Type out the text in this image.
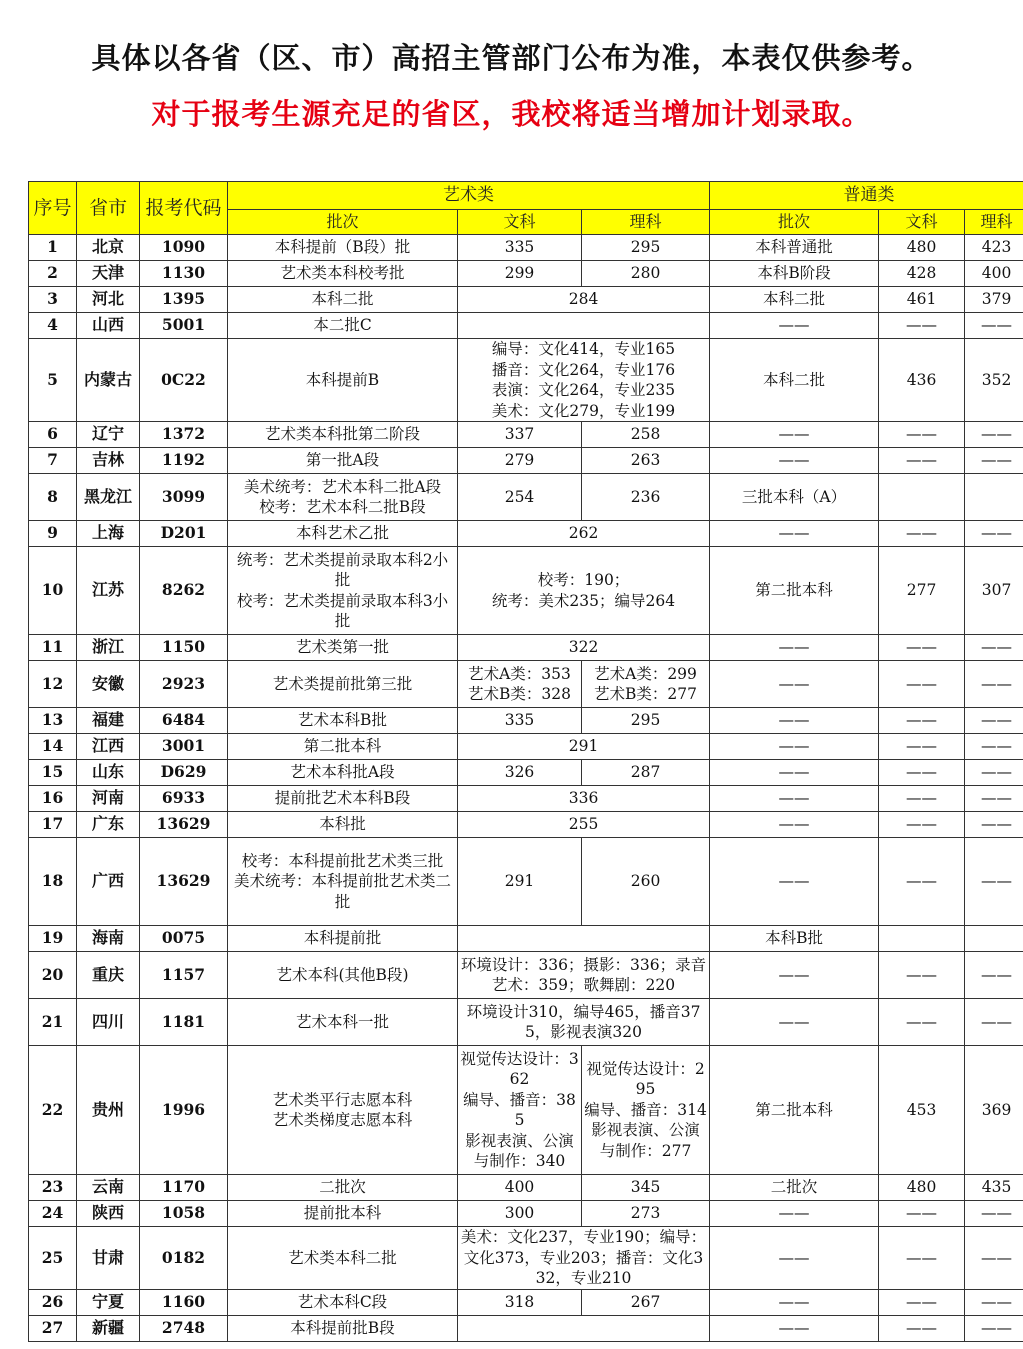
具体以各省（区、市）高招主管部门公布为准，本表仅供参考。
对于报考生源充足的省区，我校将适当增加计划录取。
序号	省市	报考代码	艺术类			普通类		
			批次	文科	理科	批次	文科	理科
1	北京	1090	本科提前（B段）批	335	295	本科普通批	480	423
2	天津	1130	艺术类本科校考批	299	280	本科B阶段	428	400
3	河北	1395	本科二批	284		本科二批	461	379
4	山西	5001	本二批C			——	——	——
5	内蒙古	0C22	本科提前B	编导：文化414，专业165
播音：文化264，专业176
表演：文化264，专业235
美术：文化279，专业199		本科二批	436	352
6	辽宁	1372	艺术类本科批第二阶段	337	258	——	——	——
7	吉林	1192	第一批A段	279	263	——	——	——
8	黑龙江	3099	美术统考：艺术本科二批A段
校考：艺术本科二批B段	254	236	三批本科（A）		
9	上海	D201	本科艺术乙批	262		——	——	——
10	江苏	8262	统考：艺术类提前录取本科2小批
校考：艺术类提前录取本科3小批	校考：190；
统考：美术235；编导264		第二批本科	277	307
11	浙江	1150	艺术类第一批	322		——	——	——
12	安徽	2923	艺术类提前批第三批	艺术A类：353
艺术B类：328	艺术A类：299
艺术B类：277	——	——	——
13	福建	6484	艺术本科B批	335	295	——	——	——
14	江西	3001	第二批本科	291		——	——	——
15	山东	D629	艺术本科批A段	326	287	——	——	——
16	河南	6933	提前批艺术本科B段	336		——	——	——
17	广东	13629	本科批	255		——	——	——
18	广西	13629	校考：本科提前批艺术类三批
美术统考：本科提前批艺术类二批	291	260	——	——	——
19	海南	0075	本科提前批			本科B批		
20	重庆	1157	艺术本科(其他B段)	环境设计：336；摄影：336；录音艺术：359；歌舞剧：220		——	——	——
21	四川	1181	艺术本科一批	环境设计310，编导465，播音375，影视表演320		——	——	——
22	贵州	1996	艺术类平行志愿本科
艺术类梯度志愿本科	视觉传达设计：362
编导、播音：385
影视表演、公演与制作：340	视觉传达设计：295
编导、播音：314
影视表演、公演与制作：277	第二批本科	453	369
23	云南	1170	二批次	400	345	二批次	480	435
24	陕西	1058	提前批本科	300	273	——	——	——
25	甘肃	0182	艺术类本科二批	美术：文化237，专业190；编导：文化373，专业203；播音：文化332，专业210		——	——	——
26	宁夏	1160	艺术本科C段	318	267	——	——	——
27	新疆	2748	本科提前批B段			——	——	——
